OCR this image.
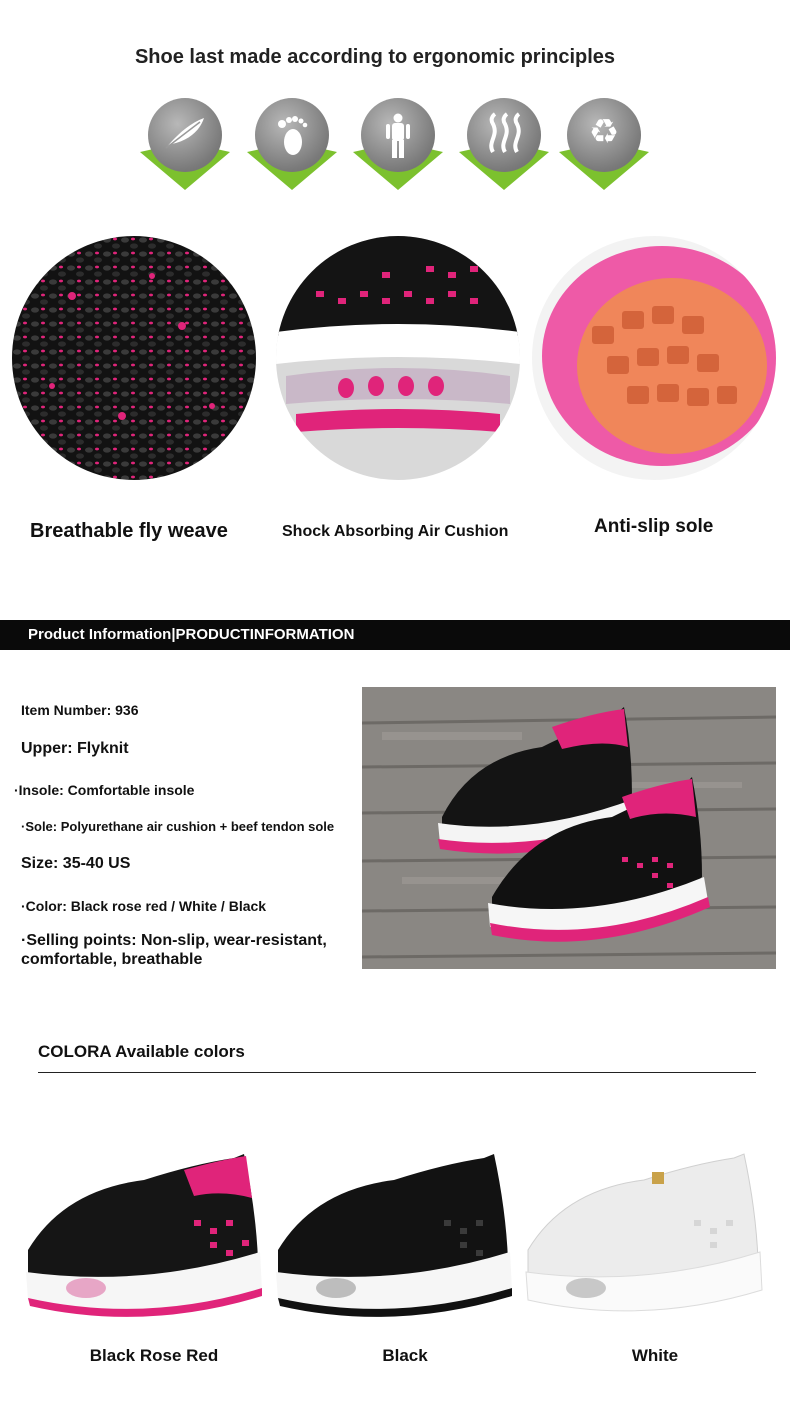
Shoe last made according to ergonomic principles
♻
Breathable fly weave	Shock Absorbing Air Cushion	Anti-slip sole
Product Information|PRODUCTINFORMATION
Item Number: 936
Upper: Flyknit
·Insole: Comfortable insole
·Sole: Polyurethane air cushion + beef tendon sole
Size: 35-40 US
·Color: Black rose red / White / Black
·Selling points: Non-slip, wear-resistant,
comfortable, breathable
COLORA Available colors
Black Rose Red	Black	White
